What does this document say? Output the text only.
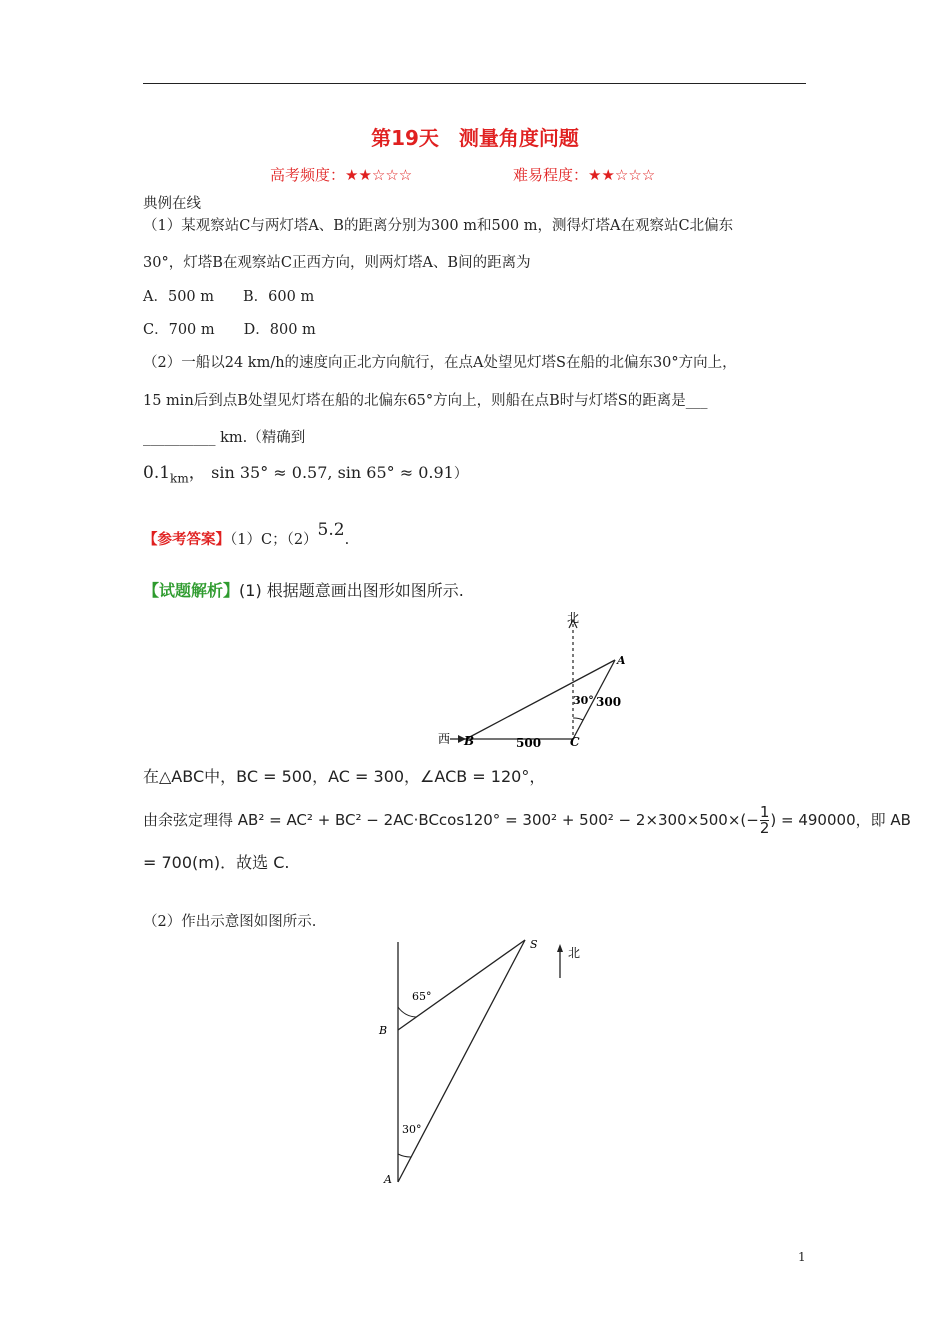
第19天　测量角度问题
高考频度：★★☆☆☆	难易程度：★★☆☆☆
典例在线
（1）某观察站C与两灯塔A、B的距离分别为300 m和500 m，测得灯塔A在观察站C北偏东
30°，灯塔B在观察站C正西方向，则两灯塔A、B间的距离为
A．500 m　　B．600 m
C．700 m　　D．800 m
（2）一船以24 km/h的速度向正北方向航行，在点A处望见灯塔S在船的北偏东30°方向上，
15 min后到点B处望见灯塔在船的北偏东65°方向上，则船在点B时与灯塔S的距离是___
__________ km.（精确到
$0.1_{km}$， sin 35° ≈ 0.57, sin 65° ≈ 0.91）
【参考答案】（1）C；（2）5.2.
【试题解析】(1) 根据题意画出图形如图所示.
北
西 B	C
A
500
300
30°
在△ABC中，BC = 500，AC = 300，∠ACB = 120°，
由余弦定理得 $AB^2 = AC^2 + BC^2 - 2AC\cdot BCcos120^\circ = 300^2 + 500^2 - 2\times 300\times 500\times(- \frac{1}{2}$ ) = 490000，即 AB
= 700(m)．故选 C.
（2）作出示意图如图所示.
北
S
B
A
65°
30°
1
